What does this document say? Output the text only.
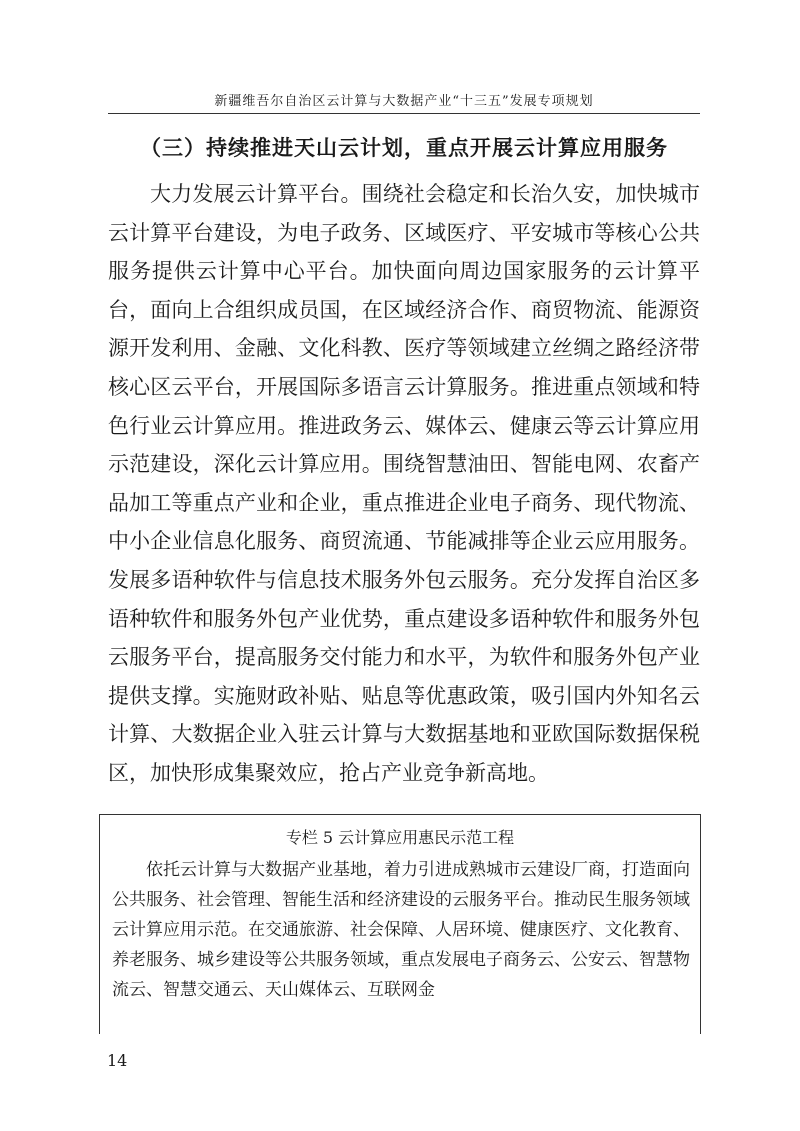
新疆维吾尔自治区云计算与大数据产业“十三五”发展专项规划
（三）持续推进天山云计划，重点开展云计算应用服务

大力发展云计算平台。围绕社会稳定和长治久安，加快城市云计算平台建设，为电子政务、区域医疗、平安城市等核心公共服务提供云计算中心平台。加快面向周边国家服务的云计算平台，面向上合组织成员国，在区域经济合作、商贸物流、能源资源开发利用、金融、文化科教、医疗等领域建立丝绸之路经济带核心区云平台，开展国际多语言云计算服务。推进重点领域和特色行业云计算应用。推进政务云、媒体云、健康云等云计算应用示范建设，深化云计算应用。围绕智慧油田、智能电网、农畜产品加工等重点产业和企业，重点推进企业电子商务、现代物流、中小企业信息化服务、商贸流通、节能减排等企业云应用服务。发展多语种软件与信息技术服务外包云服务。充分发挥自治区多语种软件和服务外包产业优势，重点建设多语种软件和服务外包云服务平台，提高服务交付能力和水平，为软件和服务外包产业提供支撑。实施财政补贴、贴息等优惠政策，吸引国内外知名云计算、大数据企业入驻云计算与大数据基地和亚欧国际数据保税区，加快形成集聚效应，抢占产业竞争新高地。

专栏 5 云计算应用惠民示范工程

依托云计算与大数据产业基地，着力引进成熟城市云建设厂商，打造面向公共服务、社会管理、智能生活和经济建设的云服务平台。推动民生服务领域云计算应用示范。在交通旅游、社会保障、人居环境、健康医疗、文化教育、养老服务、城乡建设等公共服务领域，重点发展电子商务云、公安云、智慧物流云、智慧交通云、天山媒体云、互联网金

14
